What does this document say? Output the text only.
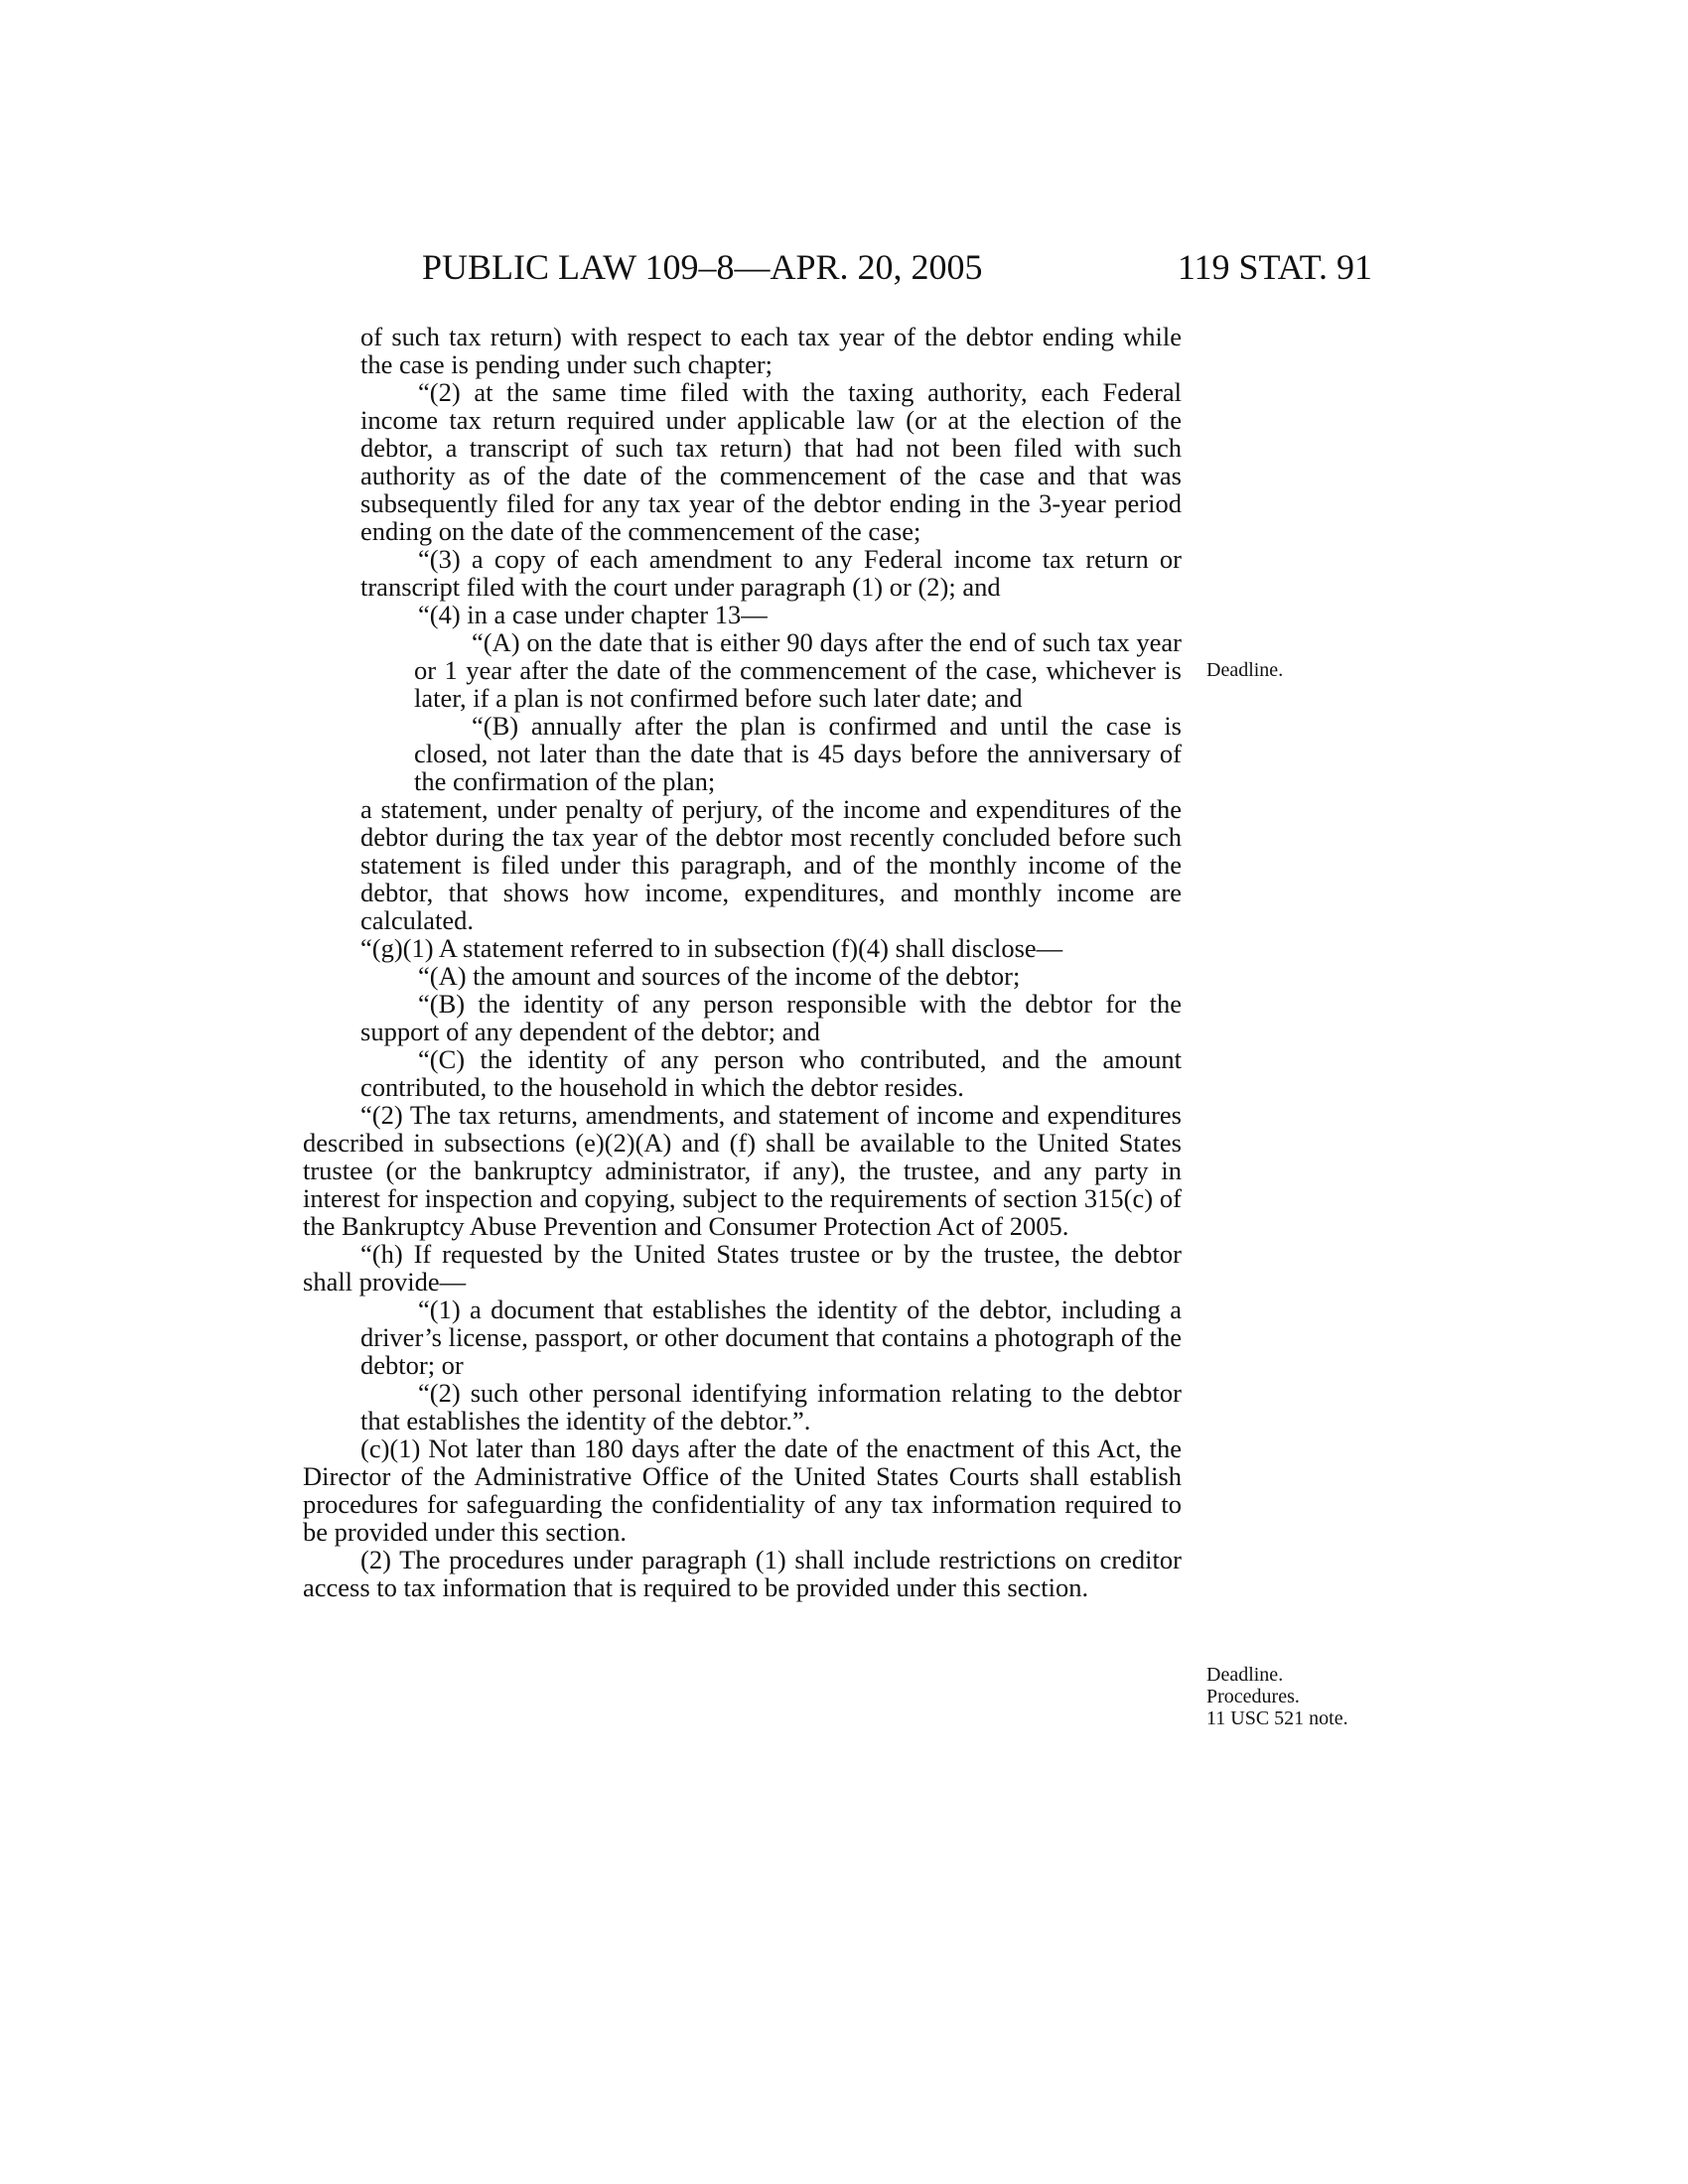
PUBLIC LAW 109–8—APR. 20, 2005	119 STAT. 91

of such tax return) with respect to each tax year of the debtor ending while the case is pending under such chapter;

“(2) at the same time filed with the taxing authority, each Federal income tax return required under applicable law (or at the election of the debtor, a transcript of such tax return) that had not been filed with such authority as of the date of the commencement of the case and that was subsequently filed for any tax year of the debtor ending in the 3-year period ending on the date of the commencement of the case;

“(3) a copy of each amendment to any Federal income tax return or transcript filed with the court under paragraph (1) or (2); and

“(4) in a case under chapter 13—

“(A) on the date that is either 90 days after the end of such tax year or 1 year after the date of the commencement of the case, whichever is later, if a plan is not confirmed before such later date; and

“(B) annually after the plan is confirmed and until the case is closed, not later than the date that is 45 days before the anniversary of the confirmation of the plan;

a statement, under penalty of perjury, of the income and expenditures of the debtor during the tax year of the debtor most recently concluded before such statement is filed under this paragraph, and of the monthly income of the debtor, that shows how income, expenditures, and monthly income are calculated.

“(g)(1) A statement referred to in subsection (f)(4) shall disclose—

“(A) the amount and sources of the income of the debtor;

“(B) the identity of any person responsible with the debtor for the support of any dependent of the debtor; and

“(C) the identity of any person who contributed, and the amount contributed, to the household in which the debtor resides.

“(2) The tax returns, amendments, and statement of income and expenditures described in subsections (e)(2)(A) and (f) shall be available to the United States trustee (or the bankruptcy administrator, if any), the trustee, and any party in interest for inspection and copying, subject to the requirements of section 315(c) of the Bankruptcy Abuse Prevention and Consumer Protection Act of 2005.

“(h) If requested by the United States trustee or by the trustee, the debtor shall provide—

“(1) a document that establishes the identity of the debtor, including a driver’s license, passport, or other document that contains a photograph of the debtor; or

“(2) such other personal identifying information relating to the debtor that establishes the identity of the debtor.”.

(c)(1) Not later than 180 days after the date of the enactment of this Act, the Director of the Administrative Office of the United States Courts shall establish procedures for safeguarding the confidentiality of any tax information required to be provided under this section.

(2) The procedures under paragraph (1) shall include restrictions on creditor access to tax information that is required to be provided under this section.

Deadline.
Deadline.
Procedures.
11 USC 521 note.
